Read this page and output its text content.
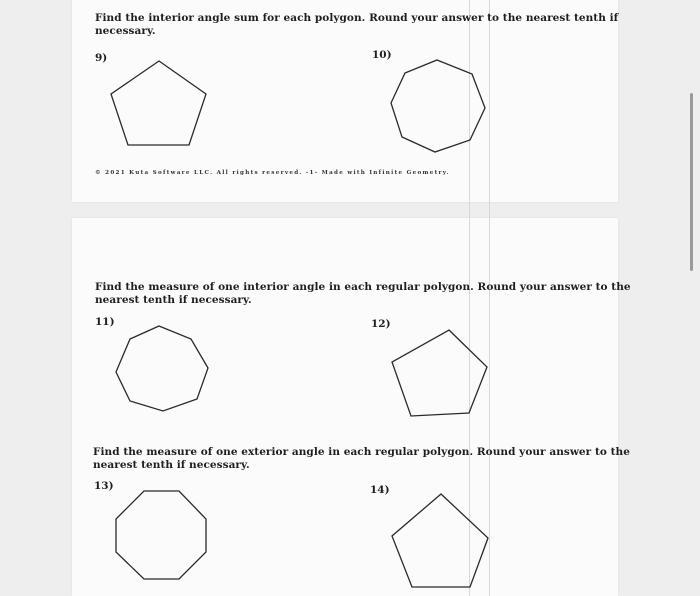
Find the interior angle sum for each polygon. Round your answer to the nearest tenth if
necessary.

9)	10)
© 2021 Kuta Software LLC. All rights reserved. -1- Made with Infinite Geometry.

Find the measure of one interior angle in each regular polygon. Round your answer to the
nearest tenth if necessary.

11)	12)

Find the measure of one exterior angle in each regular polygon. Round your answer to the
nearest tenth if necessary.

13)	14)
